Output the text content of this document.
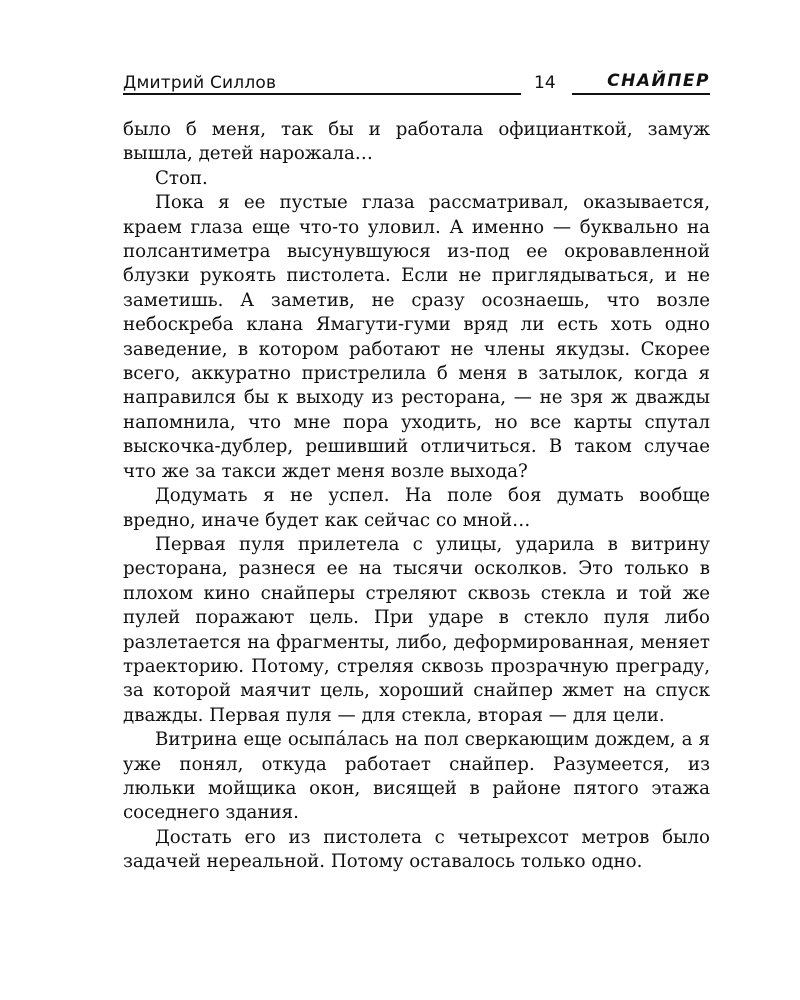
Дмитрий Силлов	14	СНАЙПЕР

было б меня, так бы и работала официанткой, замуж вышла, детей нарожала…

Стоп.

Пока я ее пустые глаза рассматривал, оказывается, краем глаза еще что-то уловил. А именно — буквально на полсантиметра высунувшуюся из-под ее окровавленной блузки рукоять пистолета. Если не приглядываться, и не заметишь. А заметив, не сразу осознаешь, что возле небоскреба клана Ямагути-гуми вряд ли есть хоть одно заведение, в котором работают не члены якудзы. Скорее всего, аккуратно пристрелила б меня в затылок, когда я направился бы к выходу из ресторана, — не зря ж дважды напомнила, что мне пора уходить, но все карты спутал выскочка-дублер, решивший отличиться. В таком случае что же за такси ждет меня возле выхода?

Додумать я не успел. На поле боя думать вообще вредно, иначе будет как сейчас со мной…

Первая пуля прилетела с улицы, ударила в витрину ресторана, разнеся ее на тысячи осколков. Это только в плохом кино снайперы стреляют сквозь стекла и той же пулей поражают цель. При ударе в стекло пуля либо разлетается на фрагменты, либо, деформированная, меняет траекторию. Потому, стреляя сквозь прозрачную преграду, за которой маячит цель, хороший снайпер жмет на спуск дважды. Первая пуля — для стекла, вторая — для цели.

Витрина еще осыпáлась на пол сверкающим дождем, а я уже понял, откуда работает снайпер. Разумеется, из люльки мойщика окон, висящей в районе пятого этажа соседнего здания.

Достать его из пистолета с четырехсот метров было задачей нереальной. Потому оставалось только одно.
